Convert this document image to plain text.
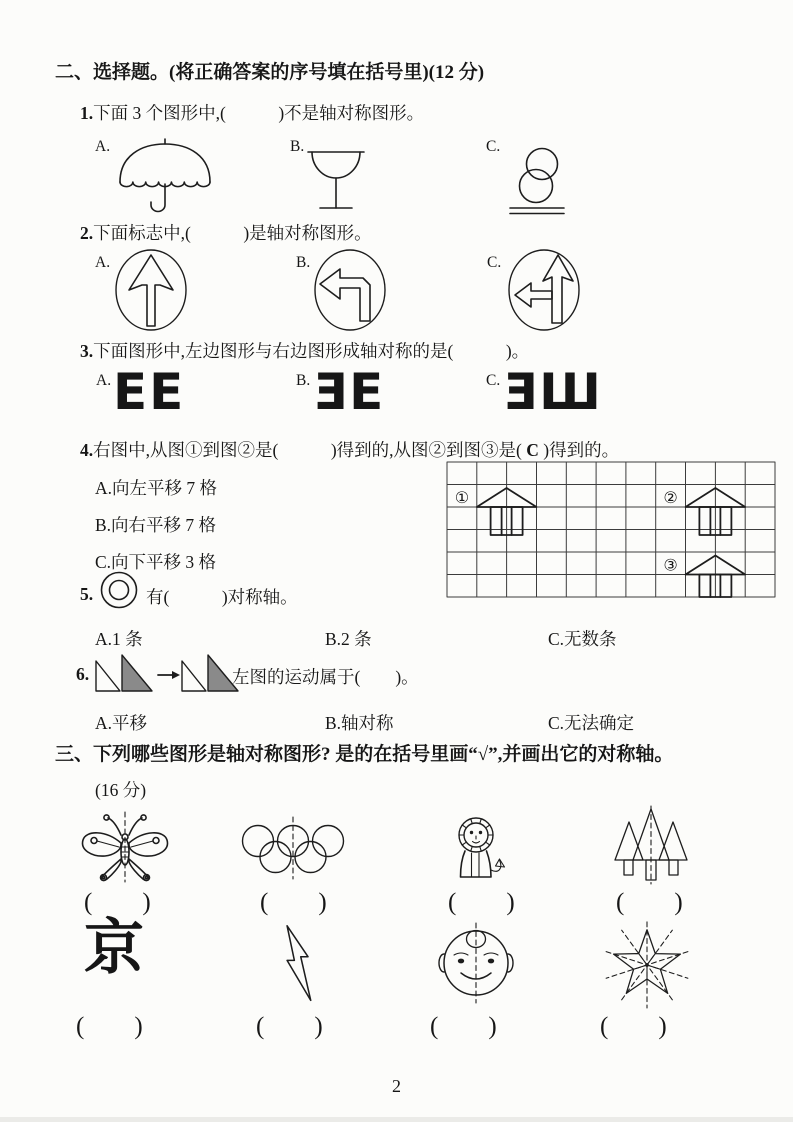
二、选择题。(将正确答案的序号填在括号里)(12 分)
1.下面 3 个图形中,(　　　)不是轴对称图形。
A.	B.	C.
2.下面标志中,(　　　)是轴对称图形。
A.	B.	C.
3.下面图形中,左边图形与右边图形成轴对称的是(　　　)。
A. EE	B. ƎE	C. ƎШ
4.右图中,从图①到图②是(　　　)得到的,从图②到图③是( C )得到的。
A.向左平移 7 格
B.向右平移 7 格
C.向下平移 3 格
①	②
③
5.	有(　　　)对称轴。
A.1 条	B.2 条	C.无数条
6.	左图的运动属于(　　)。
A.平移	B.轴对称	C.无法确定
三、下列哪些图形是轴对称图形? 是的在括号里画“√”,并画出它的对称轴。
(16 分)
(　　)	(　　)	(　　)	(　　)
京
(　　)	(　　)	(　　)	(　　)
2
